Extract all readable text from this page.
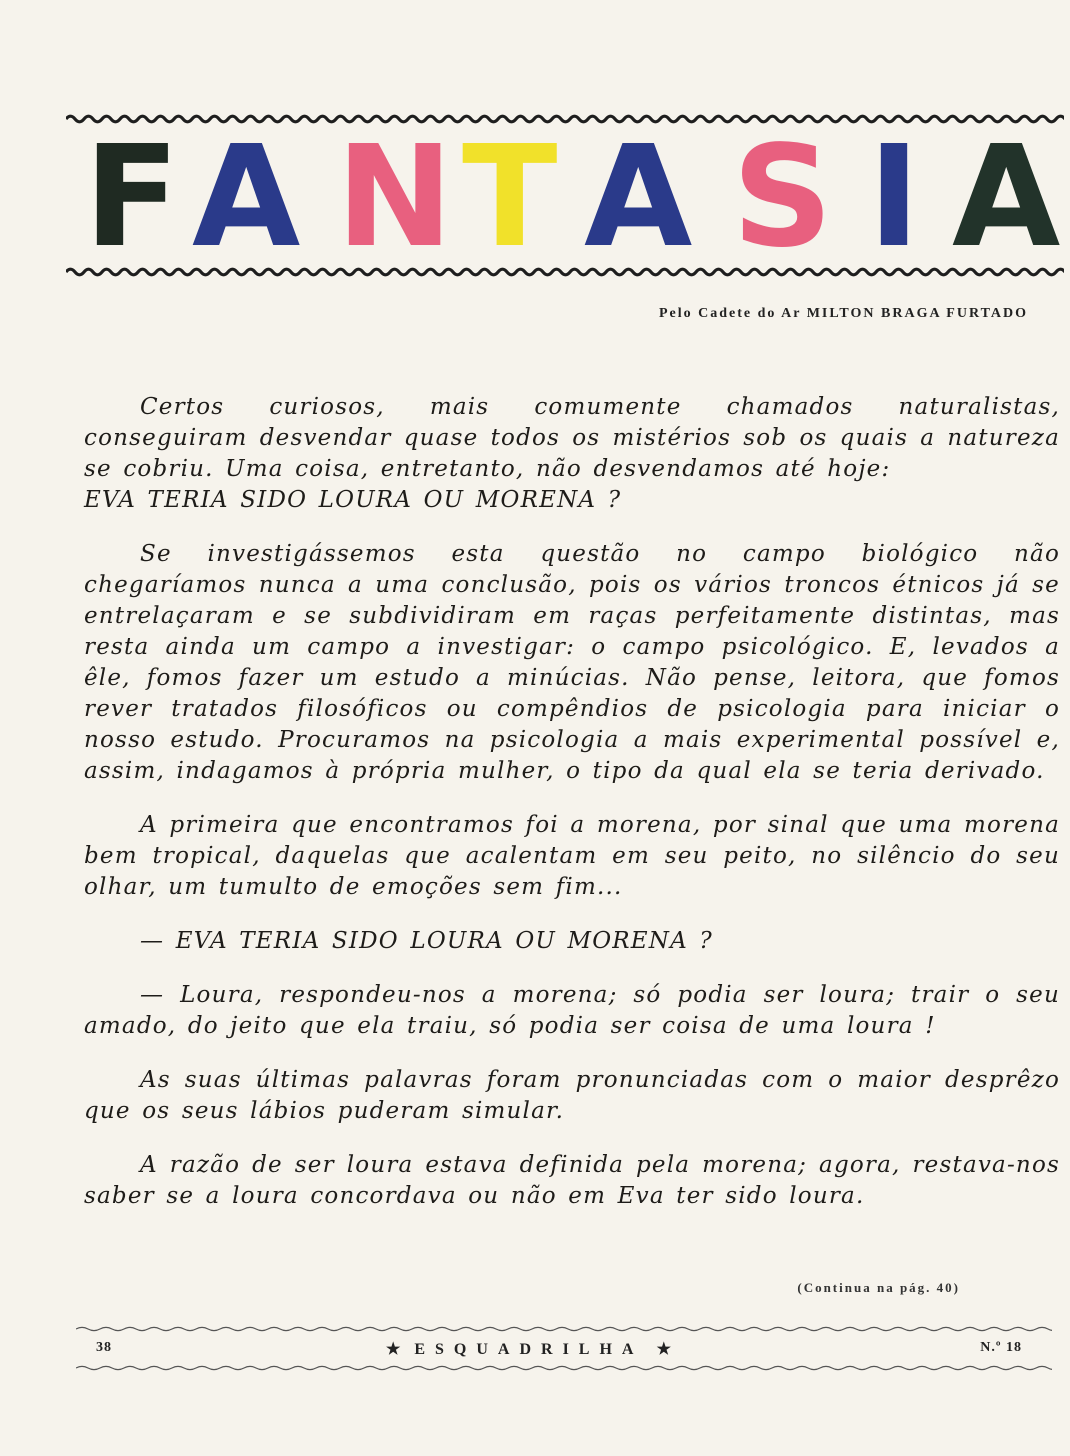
F A N T A S I A
Pelo Cadete do Ar MILTON BRAGA FURTADO

Certos curiosos, mais comumente chamados naturalistas, conseguiram desvendar quase todos os mistérios sob os quais a natureza se cobriu. Uma coisa, entretanto, não desvendamos até hoje:

EVA TERIA SIDO LOURA OU MORENA ?

Se investigássemos esta questão no campo biológico não chegaríamos nunca a uma conclusão, pois os vários troncos étnicos já se entrelaçaram e se subdividiram em raças perfeitamente distintas, mas resta ainda um campo a investigar: o campo psicológico. E, levados a êle, fomos fazer um estudo a minúcias. Não pense, leitora, que fomos rever tratados filosóficos ou compêndios de psicologia para iniciar o nosso estudo. Procuramos na psicologia a mais experimental possível e, assim, indagamos à própria mulher, o tipo da qual ela se teria derivado.

A primeira que encontramos foi a morena, por sinal que uma morena bem tropical, daquelas que acalentam em seu peito, no silêncio do seu olhar, um tumulto de emoções sem fim...

— EVA TERIA SIDO LOURA OU MORENA ?

— Loura, respondeu-nos a morena; só podia ser loura; trair o seu amado, do jeito que ela traiu, só podia ser coisa de uma loura !

As suas últimas palavras foram pronunciadas com o maior desprêzo que os seus lábios puderam simular.

A razão de ser loura estava definida pela morena; agora, restava-nos saber se a loura concordava ou não em Eva ter sido loura.

(Continua na pág. 40)
38	★ ESQUADRILHA ★	N.º 18
